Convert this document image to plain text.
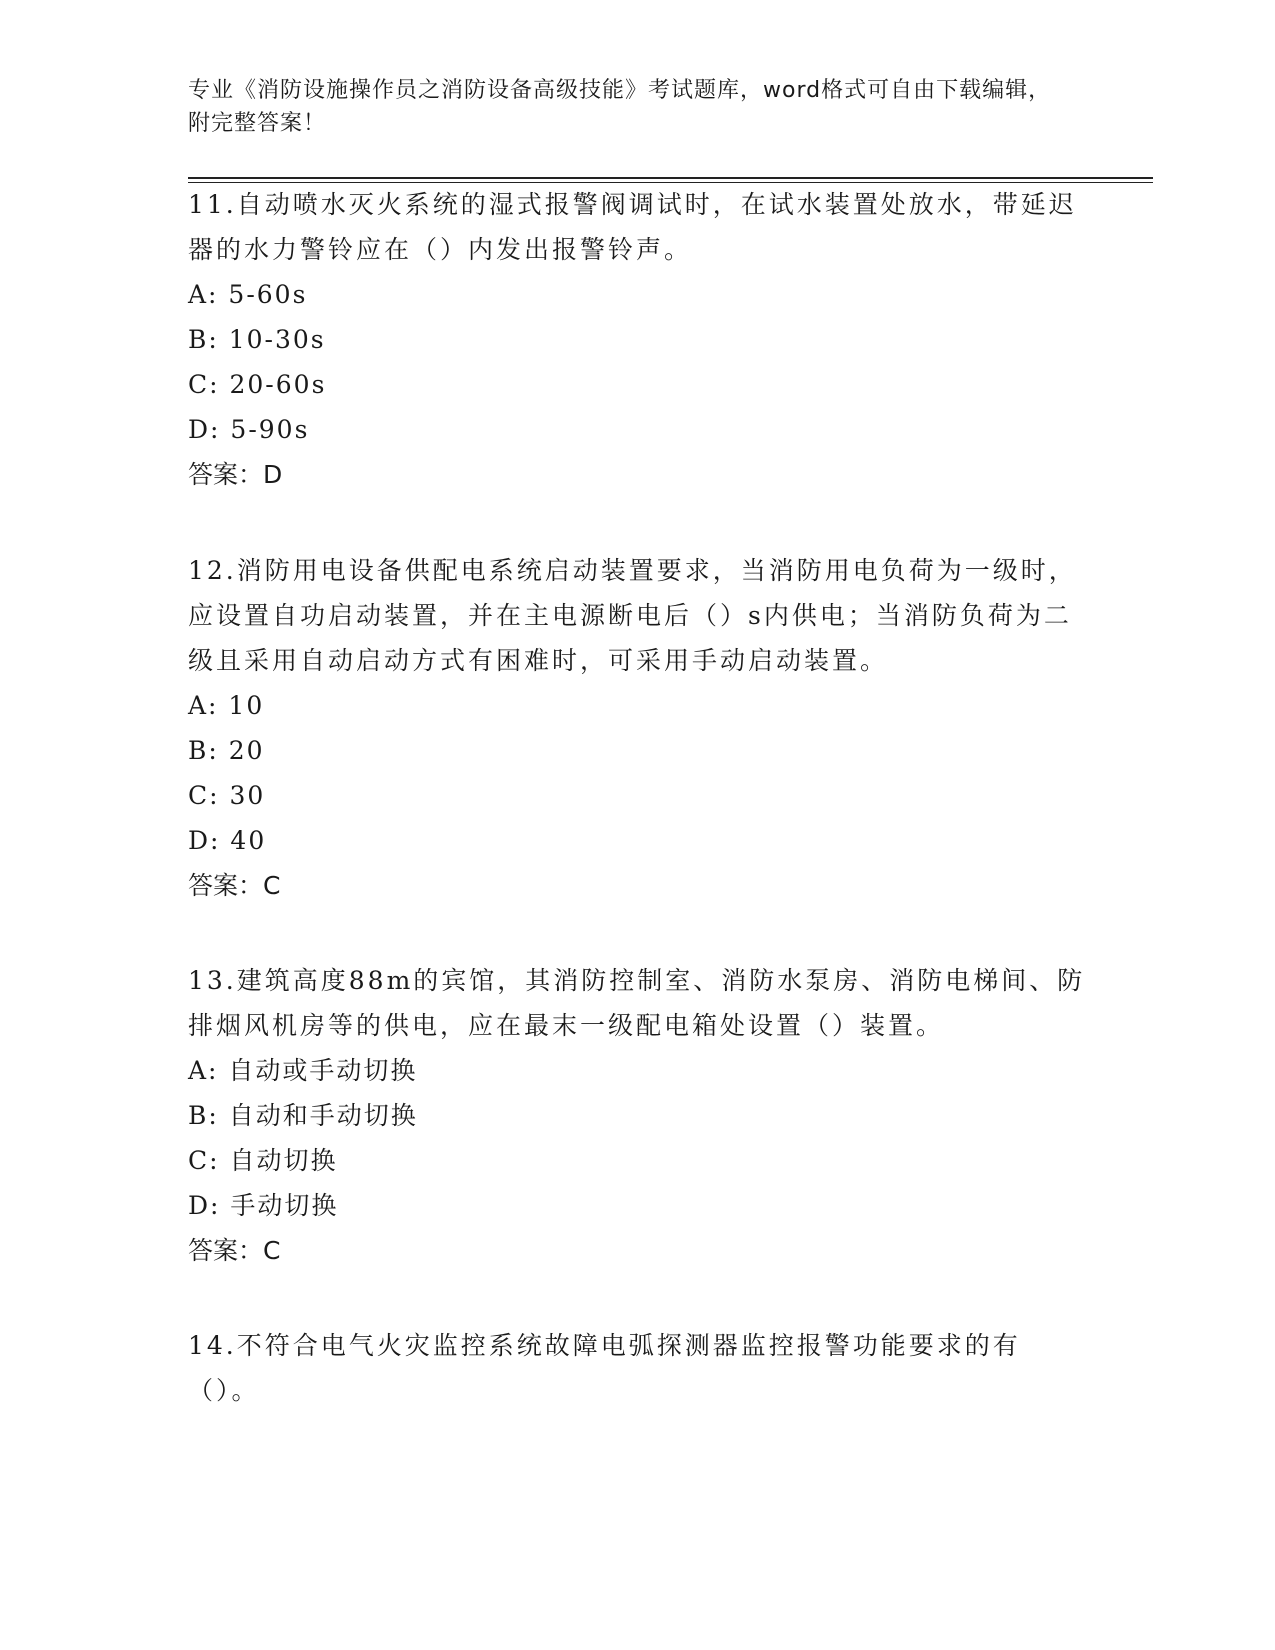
专业《消防设施操作员之消防设备高级技能》考试题库，word格式可自由下载编辑，附完整答案！

11.自动喷水灭火系统的湿式报警阀调试时，在试水装置处放水，带延迟器的水力警铃应在（）内发出报警铃声。

A: 5-60s

B: 10-30s

C: 20-60s

D: 5-90s

答案：D

12.消防用电设备供配电系统启动装置要求，当消防用电负荷为一级时，应设置自功启动装置，并在主电源断电后（）s内供电；当消防负荷为二级且采用自动启动方式有困难时，可采用手动启动装置。

A: 10

B: 20

C: 30

D: 40

答案：C

13.建筑高度88m的宾馆，其消防控制室、消防水泵房、消防电梯间、防排烟风机房等的供电，应在最末一级配电箱处设置（）装置。

A: 自动或手动切换

B: 自动和手动切换

C: 自动切换

D: 手动切换

答案：C

14.不符合电气火灾监控系统故障电弧探测器监控报警功能要求的有（）。
